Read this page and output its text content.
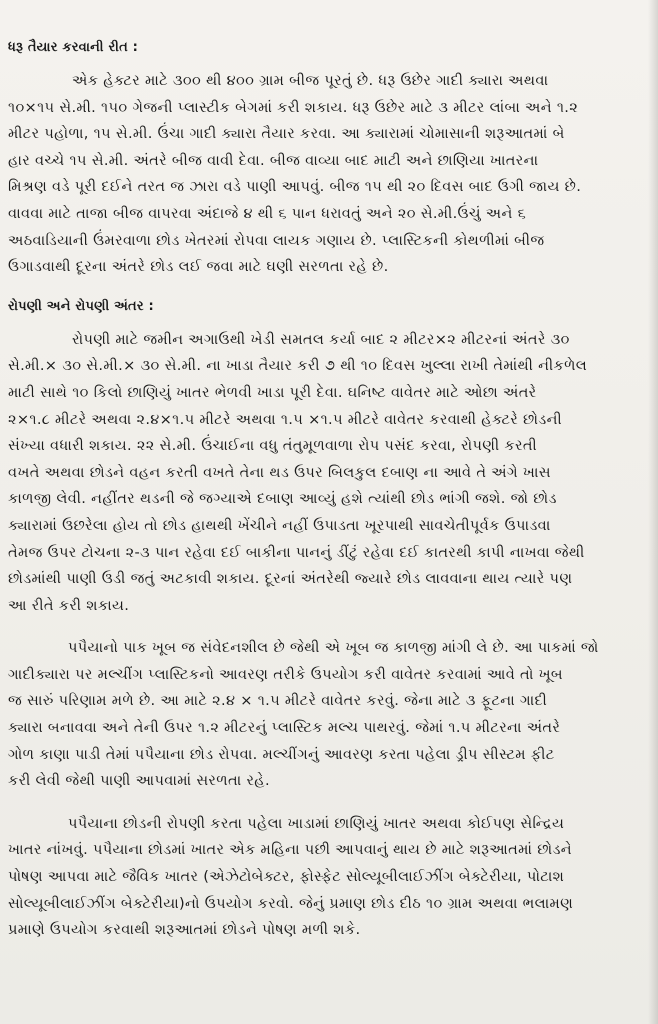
ધરૂ તૈયાર કરવાની રીત :
એક હેક્ટર માટે ૩૦૦ થી ૪૦૦ ગ્રામ બીજ પૂરતું છે. ધરૂ ઉછેર ગાદી ક્યારા અથવા
૧૦×૧૫ સે.મી. ૧૫૦ ગેજની પ્લાસ્ટીક બેગમાં કરી શકાય. ધરૂ ઉછેર માટે ૩ મીટર લાંબા અને ૧.૨
મીટર પહોળા, ૧૫ સે.મી. ઉંચા ગાદી ક્યારા તૈયાર કરવા. આ ક્યારામાં ચોમાસાની શરૂઆતમાં બે
હાર વચ્ચે ૧૫ સે.મી. અંતરે બીજ વાવી દેવા. બીજ વાવ્યા બાદ માટી અને છાણિયા ખાતરના
મિશ્રણ વડે પૂરી દઈને તરત જ ઝારા વડે પાણી આપવું. બીજ ૧૫ થી ૨૦ દિવસ બાદ ઉગી જાય છે.
વાવવા માટે તાજા બીજ વાપરવા અંદાજે ૪ થી ૬ પાન ધરાવતું અને ૨૦ સે.મી.ઉંચું અને ૬
અઠવાડિયાની ઉંમરવાળા છોડ ખેતરમાં રોપવા લાયક ગણાય છે. પ્લાસ્ટિકની કોથળીમાં બીજ
ઉગાડવાથી દૂરના અંતરે છોડ લઈ જવા માટે ઘણી સરળતા રહે છે.
રોપણી અને રોપણી અંતર :
રોપણી માટે જમીન અગાઉથી ખેડી સમતલ કર્યા બાદ ૨ મીટર×૨ મીટરનાં અંતરે ૩૦
સે.મી.× ૩૦ સે.મી.× ૩૦ સે.મી. ના ખાડા તૈયાર કરી ૭ થી ૧૦ દિવસ ખુલ્લા રાખી તેમાંથી નીકળેલ
માટી સાથે ૧૦ કિલો છાણિયું ખાતર ભેળવી ખાડા પૂરી દેવા. ઘનિષ્ટ વાવેતર માટે ઓછા અંતરે
૨×૧.૮ મીટરે અથવા ૨.૪×૧.૫ મીટરે અથવા ૧.૫ ×૧.૫ મીટરે વાવેતર કરવાથી હેક્ટરે છોડની
સંખ્યા વધારી શકાય. ૨૨ સે.મી. ઉંચાઈના વધુ તંતુમૂળવાળા રોપ પસંદ કરવા, રોપણી કરતી
વખતે અથવા છોડને વહન કરતી વખતે તેના થડ ઉપર બિલકુલ દબાણ ના આવે તે અંગે ખાસ
કાળજી લેવી. નહીંતર થડની જે જગ્યાએ દબાણ આવ્યું હશે ત્યાંથી છોડ ભાંગી જશે. જો છોડ
ક્યારામાં ઉછરેલા હોય તો છોડ હાથથી ખેંચીને નહીં ઉપાડતા ખૂરપાથી સાવચેતીપૂર્વક ઉપાડવા
તેમજ ઉપર ટોચના ૨-૩ પાન રહેવા દઈ બાકીના પાનનું ડીંટું રહેવા દઈ કાતરથી કાપી નાખવા જેથી
છોડમાંથી પાણી ઉડી જતું અટકાવી શકાય. દૂરનાં અંતરેથી જ્યારે છોડ લાવવાના થાય ત્યારે પણ
આ રીતે કરી શકાય.
પપૈયાનો પાક ખૂબ જ સંવેદનશીલ છે જેથી એ ખૂબ જ કાળજી માંગી લે છે. આ પાકમાં જો
ગાદીક્યારા પર મલ્ચીંગ પ્લાસ્ટિકનો આવરણ તરીકે ઉપયોગ કરી વાવેતર કરવામાં આવે તો ખૂબ
જ સારું પરિણામ મળે છે. આ માટે ૨.૪ × ૧.૫ મીટરે વાવેતર કરવું. જેના માટે ૩ ફૂટના ગાદી
ક્યારા બનાવવા અને તેની ઉપર ૧.૨ મીટરનું પ્લાસ્ટિક મલ્ચ પાથરવું. જેમાં ૧.૫ મીટરના અંતરે
ગોળ કાણા પાડી તેમાં પપૈયાના છોડ રોપવા. મલ્ચીંગનું આવરણ કરતા પહેલા ડ્રીપ સીસ્ટમ ફીટ
કરી લેવી જેથી પાણી આપવામાં સરળતા રહે.
પપૈયાના છોડની રોપણી કરતા પહેલા ખાડામાં છાણિયું ખાતર અથવા કોઈપણ સેન્દ્રિય
ખાતર નાંખવું. પપૈયાના છોડમાં ખાતર એક મહિના પછી આપવાનું થાય છે માટે શરૂઆતમાં છોડને
પોષણ આપવા માટે જૈવિક ખાતર (એઝેટોબેક્ટર, ફોસ્ફેટ સોલ્યૂબીલાઈઝીંગ બેક્ટેરીયા, પોટાશ
સોલ્યૂબીલાઈઝીંગ બેક્ટેરીયા)નો ઉપયોગ કરવો. જેનું પ્રમાણ છોડ દીઠ ૧૦ ગ્રામ અથવા ભલામણ
પ્રમાણે ઉપયોગ કરવાથી શરૂઆતમાં છોડને પોષણ મળી શકે.
